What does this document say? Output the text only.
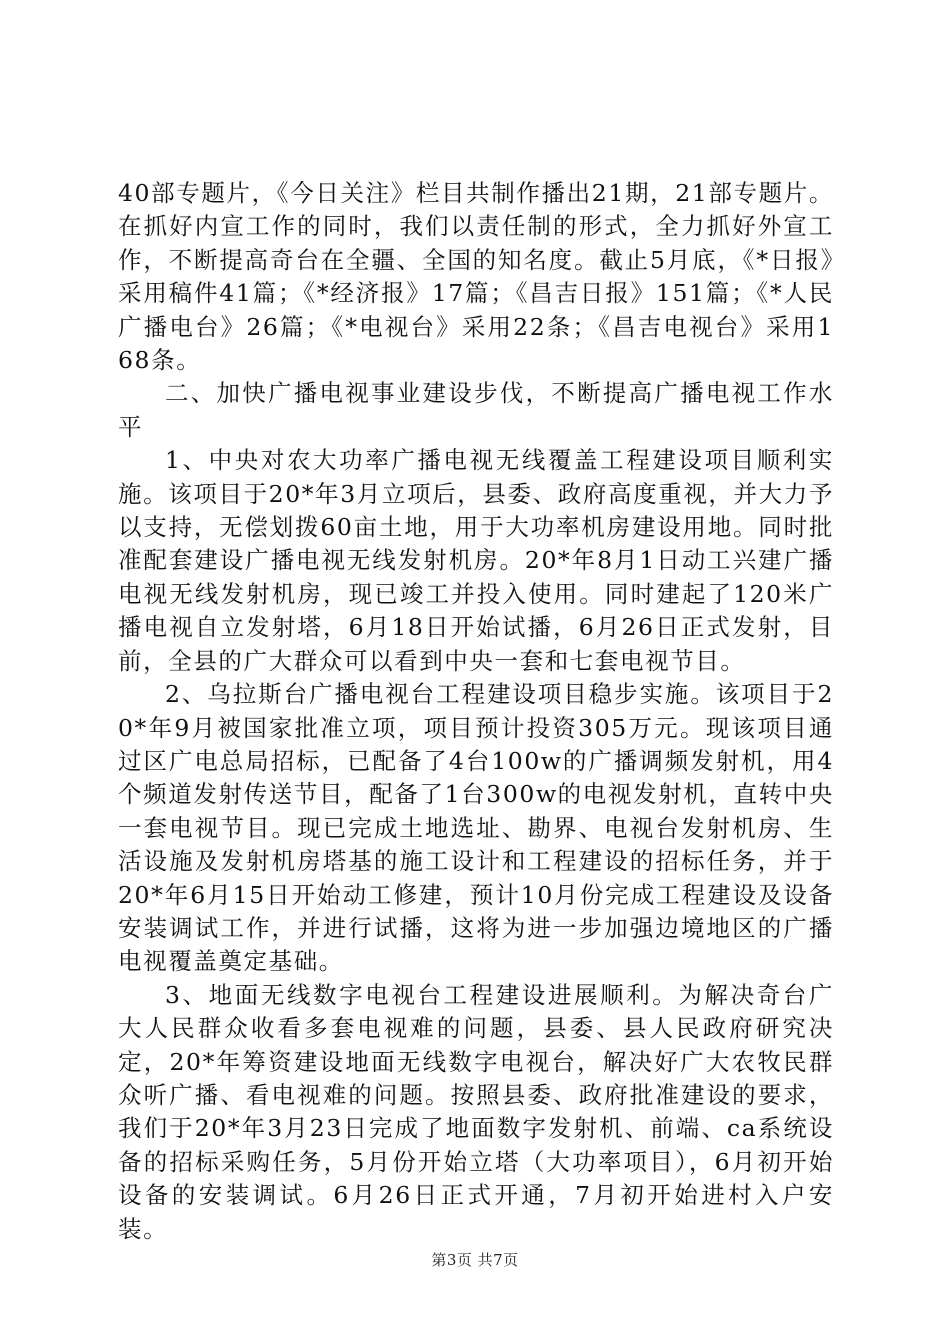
40部专题片，《今日关注》栏目共制作播出21期，21部专题片。在抓好内宣工作的同时，我们以责任制的形式，全力抓好外宣工作，不断提高奇台在全疆、全国的知名度。截止5月底，《*日报》采用稿件41篇；《*经济报》17篇；《昌吉日报》151篇；《*人民广播电台》26篇；《*电视台》采用22条；《昌吉电视台》采用168条。

二、加快广播电视事业建设步伐，不断提高广播电视工作水平

1、中央对农大功率广播电视无线覆盖工程建设项目顺利实施。该项目于20*年3月立项后，县委、政府高度重视，并大力予以支持，无偿划拨60亩土地，用于大功率机房建设用地。同时批准配套建设广播电视无线发射机房。20*年8月1日动工兴建广播电视无线发射机房，现已竣工并投入使用。同时建起了120米广播电视自立发射塔，6月18日开始试播，6月26日正式发射，目前，全县的广大群众可以看到中央一套和七套电视节目。

2、乌拉斯台广播电视台工程建设项目稳步实施。该项目于20*年9月被国家批准立项，项目预计投资305万元。现该项目通过区广电总局招标，已配备了4台100w的广播调频发射机，用4个频道发射传送节目，配备了1台300w的电视发射机，直转中央一套电视节目。现已完成土地选址、勘界、电视台发射机房、生活设施及发射机房塔基的施工设计和工程建设的招标任务，并于20*年6月15日开始动工修建，预计10月份完成工程建设及设备安装调试工作，并进行试播，这将为进一步加强边境地区的广播电视覆盖奠定基础。

3、地面无线数字电视台工程建设进展顺利。为解决奇台广大人民群众收看多套电视难的问题，县委、县人民政府研究决定，20*年筹资建设地面无线数字电视台，解决好广大农牧民群众听广播、看电视难的问题。按照县委、政府批准建设的要求，我们于20*年3月23日完成了地面数字发射机、前端、ca系统设备的招标采购任务，5月份开始立塔（大功率项目），6月初开始设备的安装调试。6月26日正式开通，7月初开始进村入户安装。

第3页 共7页
